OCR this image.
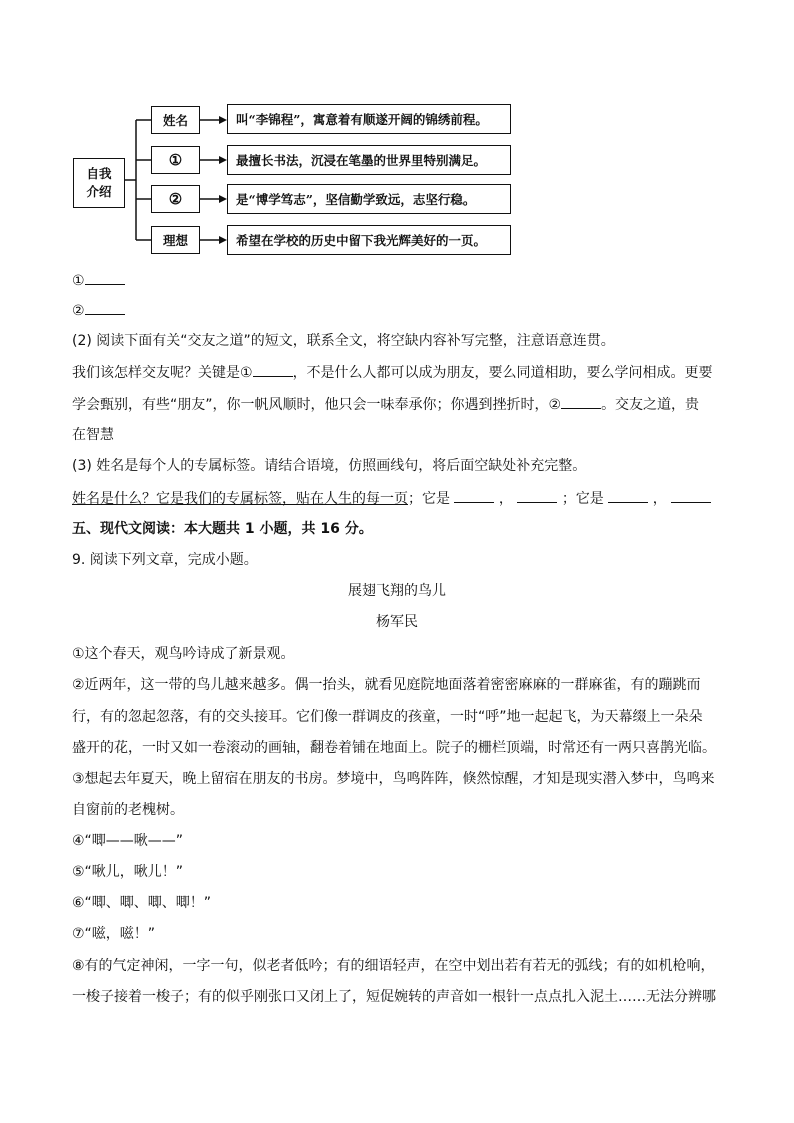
自我
介绍
姓名
①
②
理想
叫“李锦程”，寓意着有顺遂开阔的锦绣前程。
最擅长书法，沉浸在笔墨的世界里特别满足。
是“博学笃志”，坚信勤学致远，志坚行稳。
希望在学校的历史中留下我光辉美好的一页。
①
②
(2) 阅读下面有关“交友之道”的短文，联系全文，将空缺内容补写完整，注意语意连贯。
我们该怎样交友呢？关键是①	，不是什么人都可以成为朋友，要么同道相助，要么学问相成。更要
学会甄别，有些“朋友”，你一帆风顺时，他只会一味奉承你；你遇到挫折时，②	。交友之道，贵
在智慧
(3) 姓名是每个人的专属标签。请结合语境，仿照画线句，将后面空缺处补充完整。
姓名是什么？它是我们的专属标签，贴在人生的每一页；它是	，	；它是	，
五、现代文阅读：本大题共 1 小题，共 16 分。
9. 阅读下列文章，完成小题。
展翅飞翔的鸟儿
杨军民
①这个春天，观鸟吟诗成了新景观。
②近两年，这一带的鸟儿越来越多。偶一抬头，就看见庭院地面落着密密麻麻的一群麻雀，有的蹦跳而
行，有的忽起忽落，有的交头接耳。它们像一群调皮的孩童，一时“呼”地一起起飞，为天幕缀上一朵朵
盛开的花，一时又如一卷滚动的画轴，翻卷着铺在地面上。院子的栅栏顶端，时常还有一两只喜鹊光临。
③想起去年夏天，晚上留宿在朋友的书房。梦境中，鸟鸣阵阵，倏然惊醒，才知是现实潜入梦中，鸟鸣来
自窗前的老槐树。
④“唧——啾——”
⑤“啾儿，啾儿！”
⑥“唧、唧、唧、唧！”
⑦“嗞，嗞！”
⑧有的气定神闲，一字一句，似老者低吟；有的细语轻声，在空中划出若有若无的弧线；有的如机枪响，
一梭子接着一梭子；有的似乎刚张口又闭上了，短促婉转的声音如一根针一点点扎入泥土……无法分辨哪
